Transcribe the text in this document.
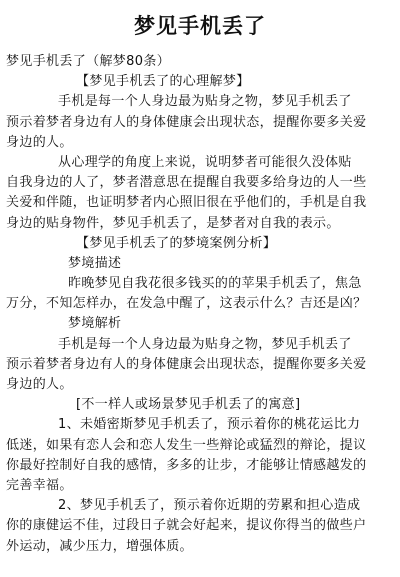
梦见手机丢了
梦见手机丢了（解梦80条）
【梦见手机丢了的心理解梦】
手机是每一个人身边最为贴身之物，梦见手机丢了
预示着梦者身边有人的身体健康会出现状态，提醒你要多关爱
身边的人。
从心理学的角度上来说，说明梦者可能很久没体贴
自我身边的人了，梦者潜意思在提醒自我要多给身边的人一些
关爱和伴随，也证明梦者内心照旧很在乎他们的，手机是自我
身边的贴身物件，梦见手机丢了，是梦者对自我的表示。
【梦见手机丢了的梦境案例分析】
梦境描述
昨晚梦见自我花很多钱买的的苹果手机丢了，焦急
万分，不知怎样办，在发急中醒了，这表示什么？吉还是凶？
梦境解析
手机是每一个人身边最为贴身之物，梦见手机丢了
预示着梦者身边有人的身体健康会出现状态，提醒你要多关爱
身边的人。
[不一样人或场景梦见手机丢了的寓意]
1、未婚密斯梦见手机丢了，预示着你的桃花运比力
低迷，如果有恋人会和恋人发生一些辩论或猛烈的辩论，提议
你最好控制好自我的感情，多多的让步，才能够让情感越发的
完善幸福。
2、梦见手机丢了，预示着你近期的劳累和担心造成
你的康健运不佳，过段日子就会好起来，提议你得当的做些户
外运动，减少压力，增强体质。
